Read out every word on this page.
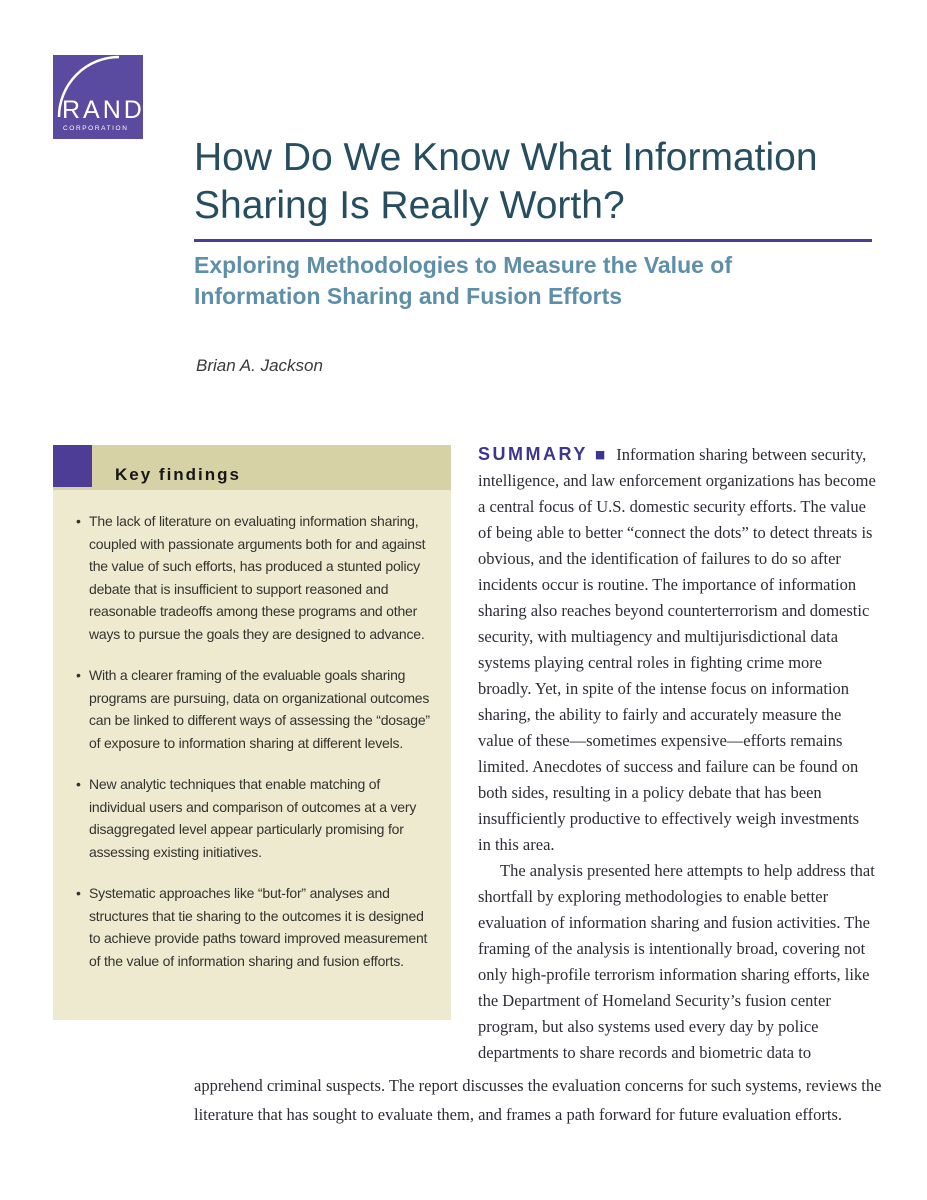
RAND
CORPORATION
How Do We Know What Information Sharing Is Really Worth?
Exploring Methodologies to Measure the Value of Information Sharing and Fusion Efforts
Brian A. Jackson
Key findings
• The lack of literature on evaluating information sharing, coupled with passionate arguments both for and against the value of such efforts, has produced a stunted policy debate that is insufficient to support reasoned and reasonable tradeoffs among these programs and other ways to pursue the goals they are designed to advance.
• With a clearer framing of the evaluable goals sharing programs are pursuing, data on organizational outcomes can be linked to different ways of assessing the “dosage” of exposure to information sharing at different levels.
• New analytic techniques that enable matching of individual users and comparison of outcomes at a very disaggregated level appear particularly promising for assessing existing initiatives.
• Systematic approaches like “but-for” analyses and structures that tie sharing to the outcomes it is designed to achieve provide paths toward improved measurement of the value of information sharing and fusion efforts.

SUMMARY ■ Information sharing between security, intelligence, and law enforcement organizations has become a central focus of U.S. domestic security efforts. The value of being able to better “connect the dots” to detect threats is obvious, and the identification of failures to do so after incidents occur is routine. The importance of information sharing also reaches beyond counterterrorism and domestic security, with multiagency and multijurisdictional data systems playing central roles in fighting crime more broadly. Yet, in spite of the intense focus on information sharing, the ability to fairly and accurately measure the value of these—sometimes expensive—efforts remains limited. Anecdotes of success and failure can be found on both sides, resulting in a policy debate that has been insufficiently productive to effectively weigh investments in this area.

The analysis presented here attempts to help address that shortfall by exploring methodologies to enable better evaluation of information sharing and fusion activities. The framing of the analysis is intentionally broad, covering not only high-profile terrorism information sharing efforts, like the Department of Homeland Security’s fusion center program, but also systems used every day by police departments to share records and biometric data to

apprehend criminal suspects. The report discusses the evaluation concerns for such systems, reviews the literature that has sought to evaluate them, and frames a path forward for future evaluation efforts.
